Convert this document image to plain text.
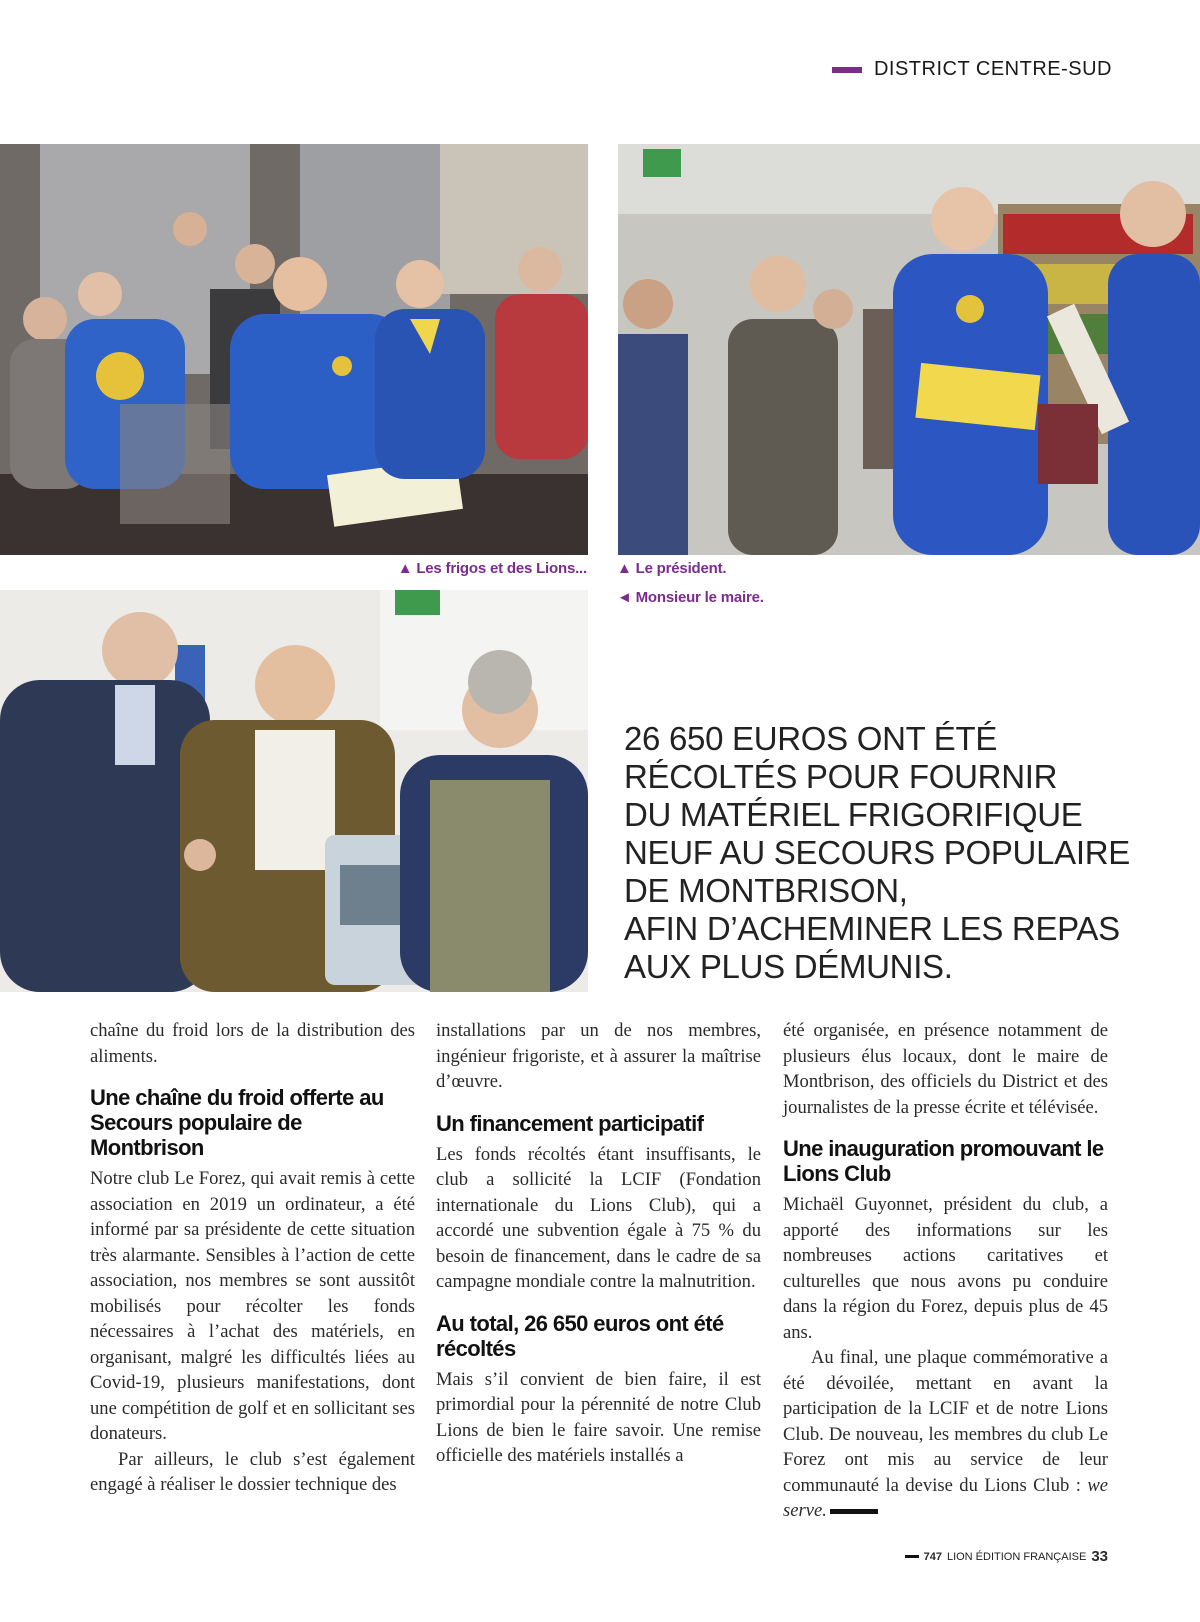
DISTRICT CENTRE-SUD
▲ Les frigos et des Lions... ▲ Le président.
◄ Monsieur le maire.
26 650 EUROS ONT ÉTÉ
RÉCOLTÉS POUR FOURNIR
DU MATÉRIEL FRIGORIFIQUE
NEUF AU SECOURS POPULAIRE
DE MONTBRISON,
AFIN D’ACHEMINER LES REPAS
AUX PLUS DÉMUNIS.

chaîne du froid lors de la distribution des aliments.

Une chaîne du froid offerte au Secours populaire de Montbrison

Notre club Le Forez, qui avait remis à cette association en 2019 un ordinateur, a été informé par sa présidente de cette situation très alarmante. Sensibles à l’action de cette association, nos membres se sont aussitôt mobilisés pour récolter les fonds nécessaires à l’achat des matériels, en organisant, malgré les difficultés liées au Covid-19, plusieurs manifestations, dont une compétition de golf et en sollicitant ses donateurs.

Par ailleurs, le club s’est également engagé à réaliser le dossier technique des

installations par un de nos membres, ingénieur frigoriste, et à assurer la maîtrise d’œuvre.

Un financement participatif

Les fonds récoltés étant insuffisants, le club a sollicité la LCIF (Fondation internationale du Lions Club), qui a accordé une subvention égale à 75 % du besoin de financement, dans le cadre de sa campagne mondiale contre la malnutrition.

Au total, 26 650 euros ont été récoltés

Mais s’il convient de bien faire, il est primordial pour la pérennité de notre Club Lions de bien le faire savoir. Une remise officielle des matériels installés a

été organisée, en présence notamment de plusieurs élus locaux, dont le maire de Montbrison, des officiels du District et des journalistes de la presse écrite et télévisée.

Une inauguration promouvant le Lions Club

Michaël Guyonnet, président du club, a apporté des informations sur les nombreuses actions caritatives et culturelles que nous avons pu conduire dans la région du Forez, depuis plus de 45 ans.

Au final, une plaque commémorative a été dévoilée, mettant en avant la participation de la LCIF et de notre Lions Club. De nouveau, les membres du club Le Forez ont mis au service de leur communauté la devise du Lions Club : we serve.

747 LION ÉDITION FRANÇAISE 33
